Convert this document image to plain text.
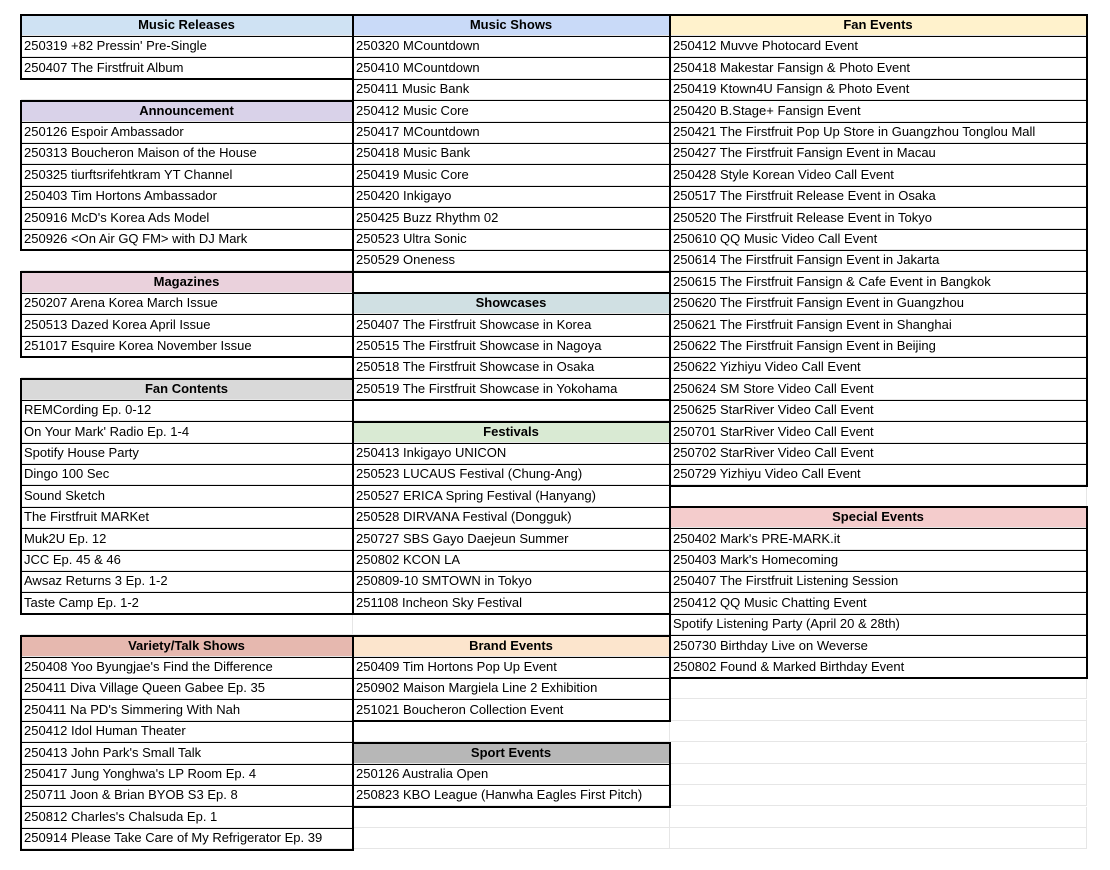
Music Releases
250319 +82 Pressin' Pre-Single
250407 The Firstfruit Album
Announcement
250126 Espoir Ambassador
250313 Boucheron Maison of the House
250325 tiurftsrifehtkram YT Channel
250403 Tim Hortons Ambassador
250916 McD's Korea Ads Model
250926 <On Air GQ FM> with DJ Mark
Magazines
250207 Arena Korea March Issue
250513 Dazed Korea April Issue
251017 Esquire Korea November Issue
Fan Contents
REMCording Ep. 0-12
On Your Mark' Radio Ep. 1-4
Spotify House Party
Dingo 100 Sec
Sound Sketch
The Firstfruit MARKet
Muk2U Ep. 12
JCC Ep. 45 & 46
Awsaz Returns 3 Ep. 1-2
Taste Camp Ep. 1-2
Variety/Talk Shows
250408 Yoo Byungjae's Find the Difference
250411 Diva Village Queen Gabee Ep. 35
250411 Na PD's Simmering With Nah
250412 Idol Human Theater
250413 John Park's Small Talk
250417 Jung Yonghwa's LP Room Ep. 4
250711 Joon & Brian BYOB S3 Ep. 8
250812 Charles's Chalsuda Ep. 1
250914 Please Take Care of My Refrigerator Ep. 39
Music Shows
250320 MCountdown
250410 MCountdown
250411 Music Bank
250412 Music Core
250417 MCountdown
250418 Music Bank
250419 Music Core
250420 Inkigayo
250425 Buzz Rhythm 02
250523 Ultra Sonic
250529 Oneness
Showcases
250407 The Firstfruit Showcase in Korea
250515 The Firstfruit Showcase in Nagoya
250518 The Firstfruit Showcase in Osaka
250519 The Firstfruit Showcase in Yokohama
Festivals
250413 Inkigayo UNICON
250523 LUCAUS Festival (Chung-Ang)
250527 ERICA Spring Festival (Hanyang)
250528 DIRVANA Festival (Dongguk)
250727 SBS Gayo Daejeun Summer
250802 KCON LA
250809-10 SMTOWN in Tokyo
251108 Incheon Sky Festival
Brand Events
250409 Tim Hortons Pop Up Event
250902 Maison Margiela Line 2 Exhibition
251021 Boucheron Collection Event
Sport Events
250126 Australia Open
250823 KBO League (Hanwha Eagles First Pitch)
Fan Events
250412 Muvve Photocard Event
250418 Makestar Fansign & Photo Event
250419 Ktown4U Fansign & Photo Event
250420 B.Stage+ Fansign Event
250421 The Firstfruit Pop Up Store in Guangzhou Tonglou Mall
250427 The Firstfruit Fansign Event in Macau
250428 Style Korean Video Call Event
250517 The Firstfruit Release Event in Osaka
250520 The Firstfruit Release Event in Tokyo
250610 QQ Music Video Call Event
250614 The Firstfruit Fansign Event in Jakarta
250615 The Firstfruit Fansign & Cafe Event in Bangkok
250620 The Firstfruit Fansign Event in Guangzhou
250621 The Firstfruit Fansign Event in Shanghai
250622 The Firstfruit Fansign Event in Beijing
250622 Yizhiyu Video Call Event
250624 SM Store Video Call Event
250625 StarRiver Video Call Event
250701 StarRiver Video Call Event
250702 StarRiver Video Call Event
250729 Yizhiyu Video Call Event
Special Events
250402 Mark's PRE-MARK.it
250403 Mark's Homecoming
250407 The Firstfruit Listening Session
250412 QQ Music Chatting Event
Spotify Listening Party (April 20 & 28th)
250730 Birthday Live on Weverse
250802 Found & Marked Birthday Event
